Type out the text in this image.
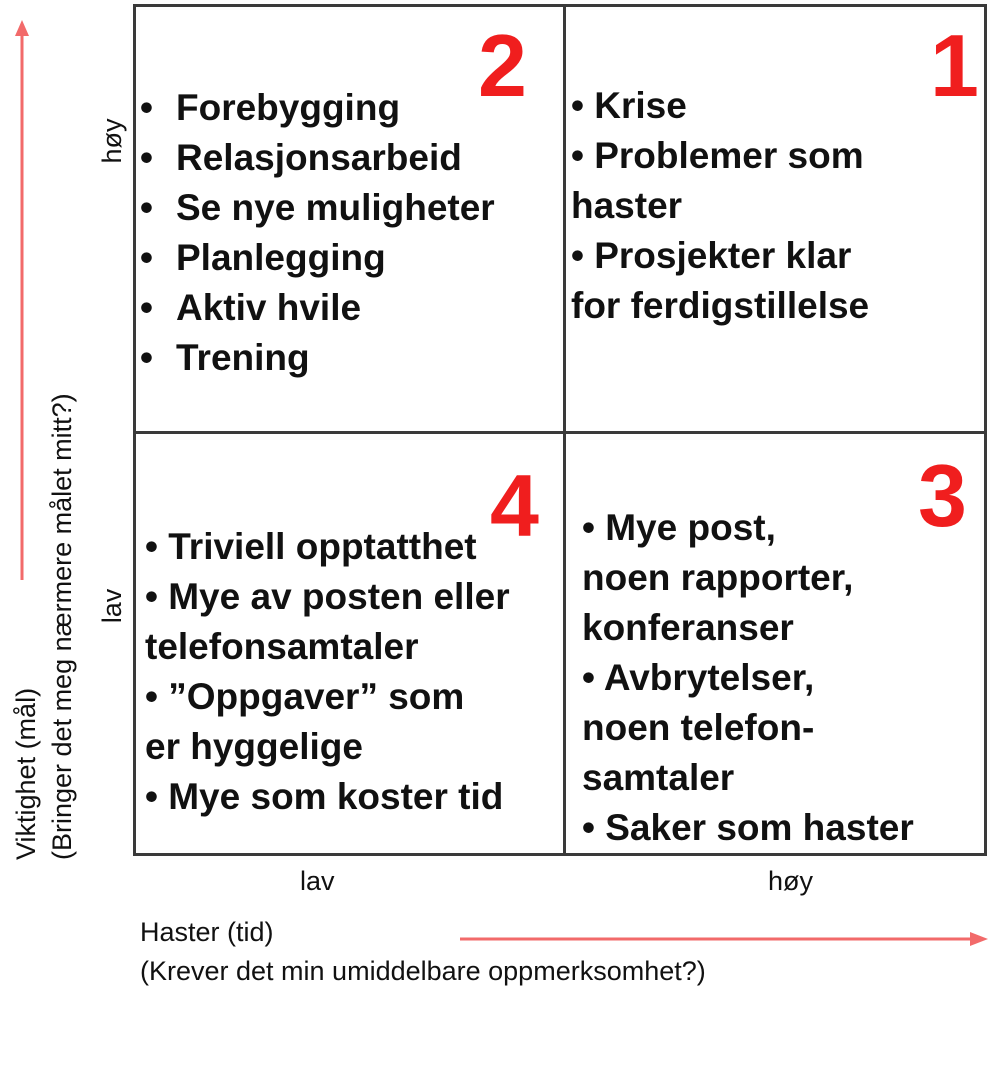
2
• Forebygging
• Relasjonsarbeid
• Se nye muligheter
• Planlegging
• Aktiv hvile
• Trening
1
• Krise
• Problemer som
haster
• Prosjekter klar
for ferdigstillelse
4
• Triviell opptatthet
• Mye av posten eller
telefonsamtaler
• ”Oppgaver” som
er hyggelige
• Mye som koster tid
3
• Mye post,
noen rapporter,
konferanser
• Avbrytelser,
noen telefon-
samtaler
• Saker som haster
høy
lav
Viktighet (mål) (Bringer det meg nærmere målet mitt?)
lav	høy
Haster (tid)
(Krever det min umiddelbare oppmerksomhet?)
